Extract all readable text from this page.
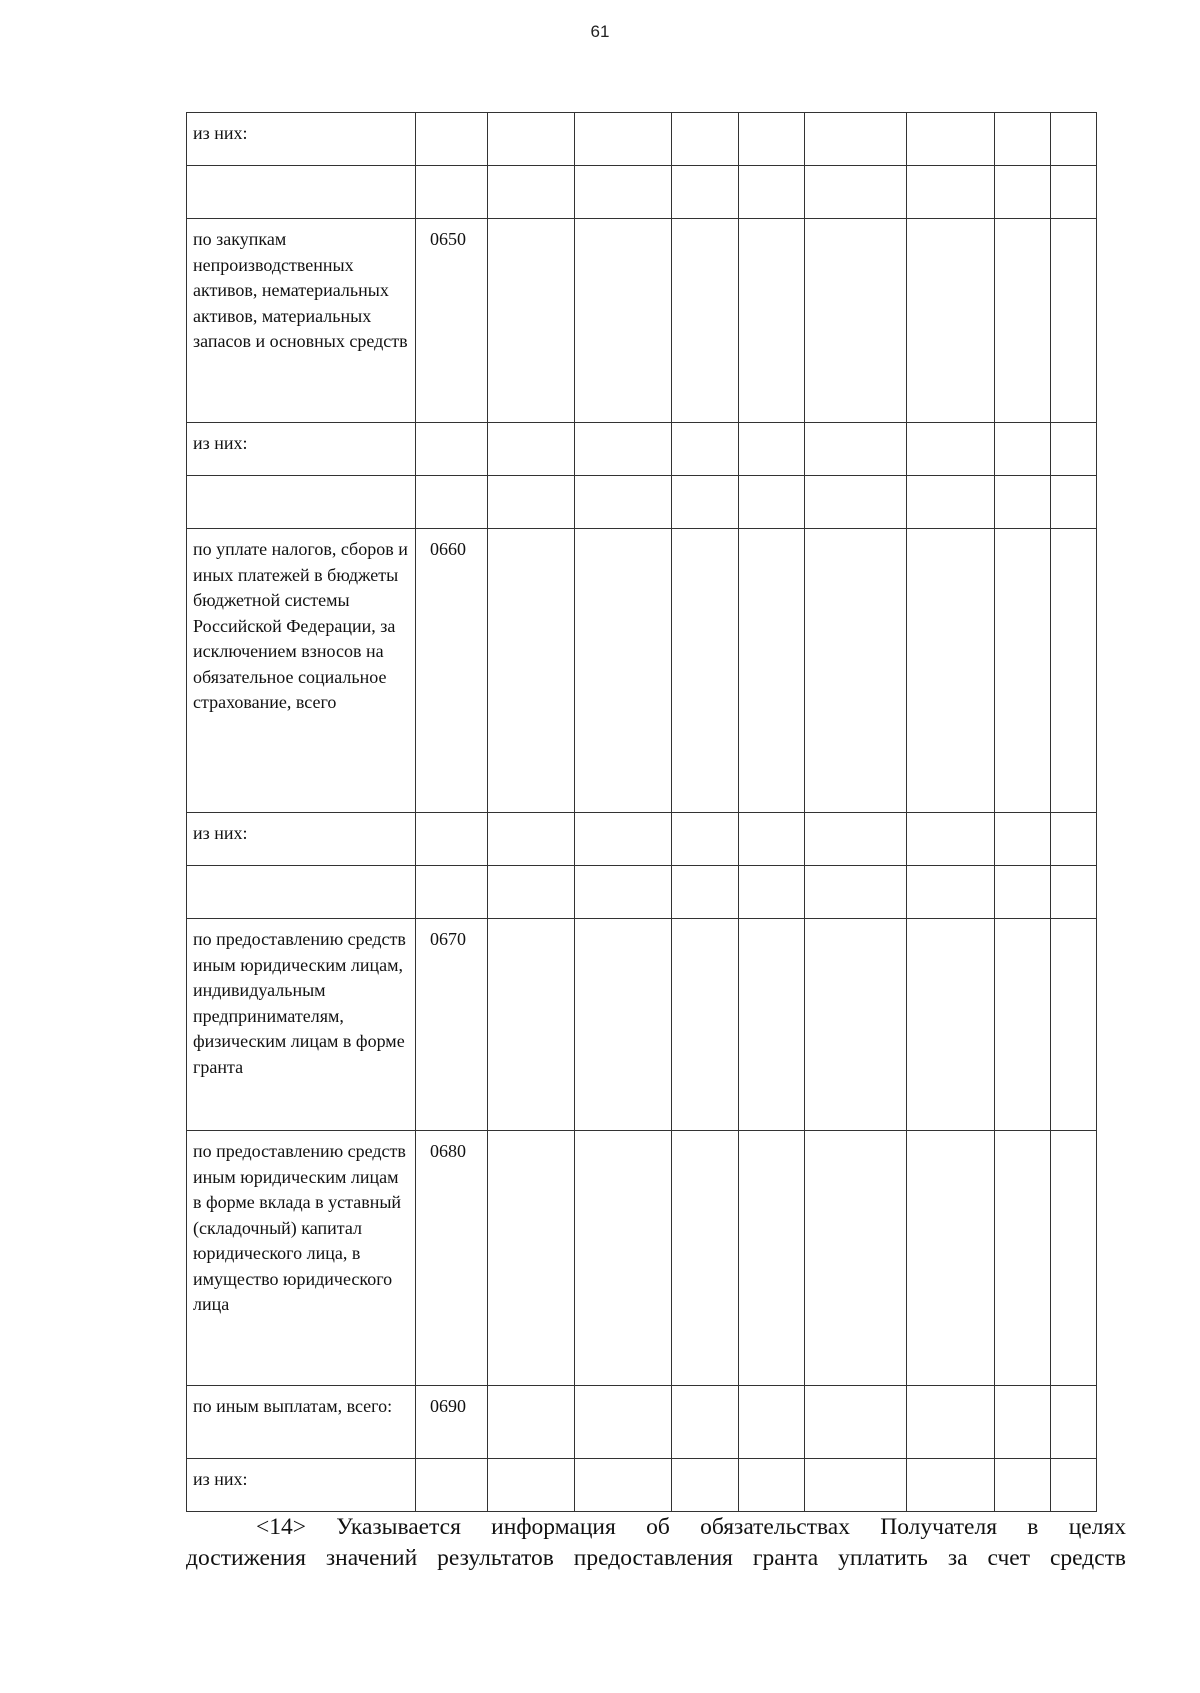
61
из них:									

по закупкам непроизводственных активов, нематериальных активов, материальных запасов и основных средств	0650								
из них:									

по уплате налогов, сборов и иных платежей в бюджеты бюджетной системы Российской Федерации, за исключением взносов на обязательное социальное страхование, всего	0660								
из них:									

по предоставлению средств иным юридическим лицам, индивидуальным предпринимателям, физическим лицам в форме гранта	0670								
по предоставлению средств иным юридическим лицам в форме вклада в уставный (складочный) капитал юридического лица, в имущество юридического лица	0680								
по иным выплатам, всего:	0690								
из них:									
<14> Указывается информация об обязательствах Получателя в целях
достижения значений результатов предоставления гранта уплатить за счет средств
